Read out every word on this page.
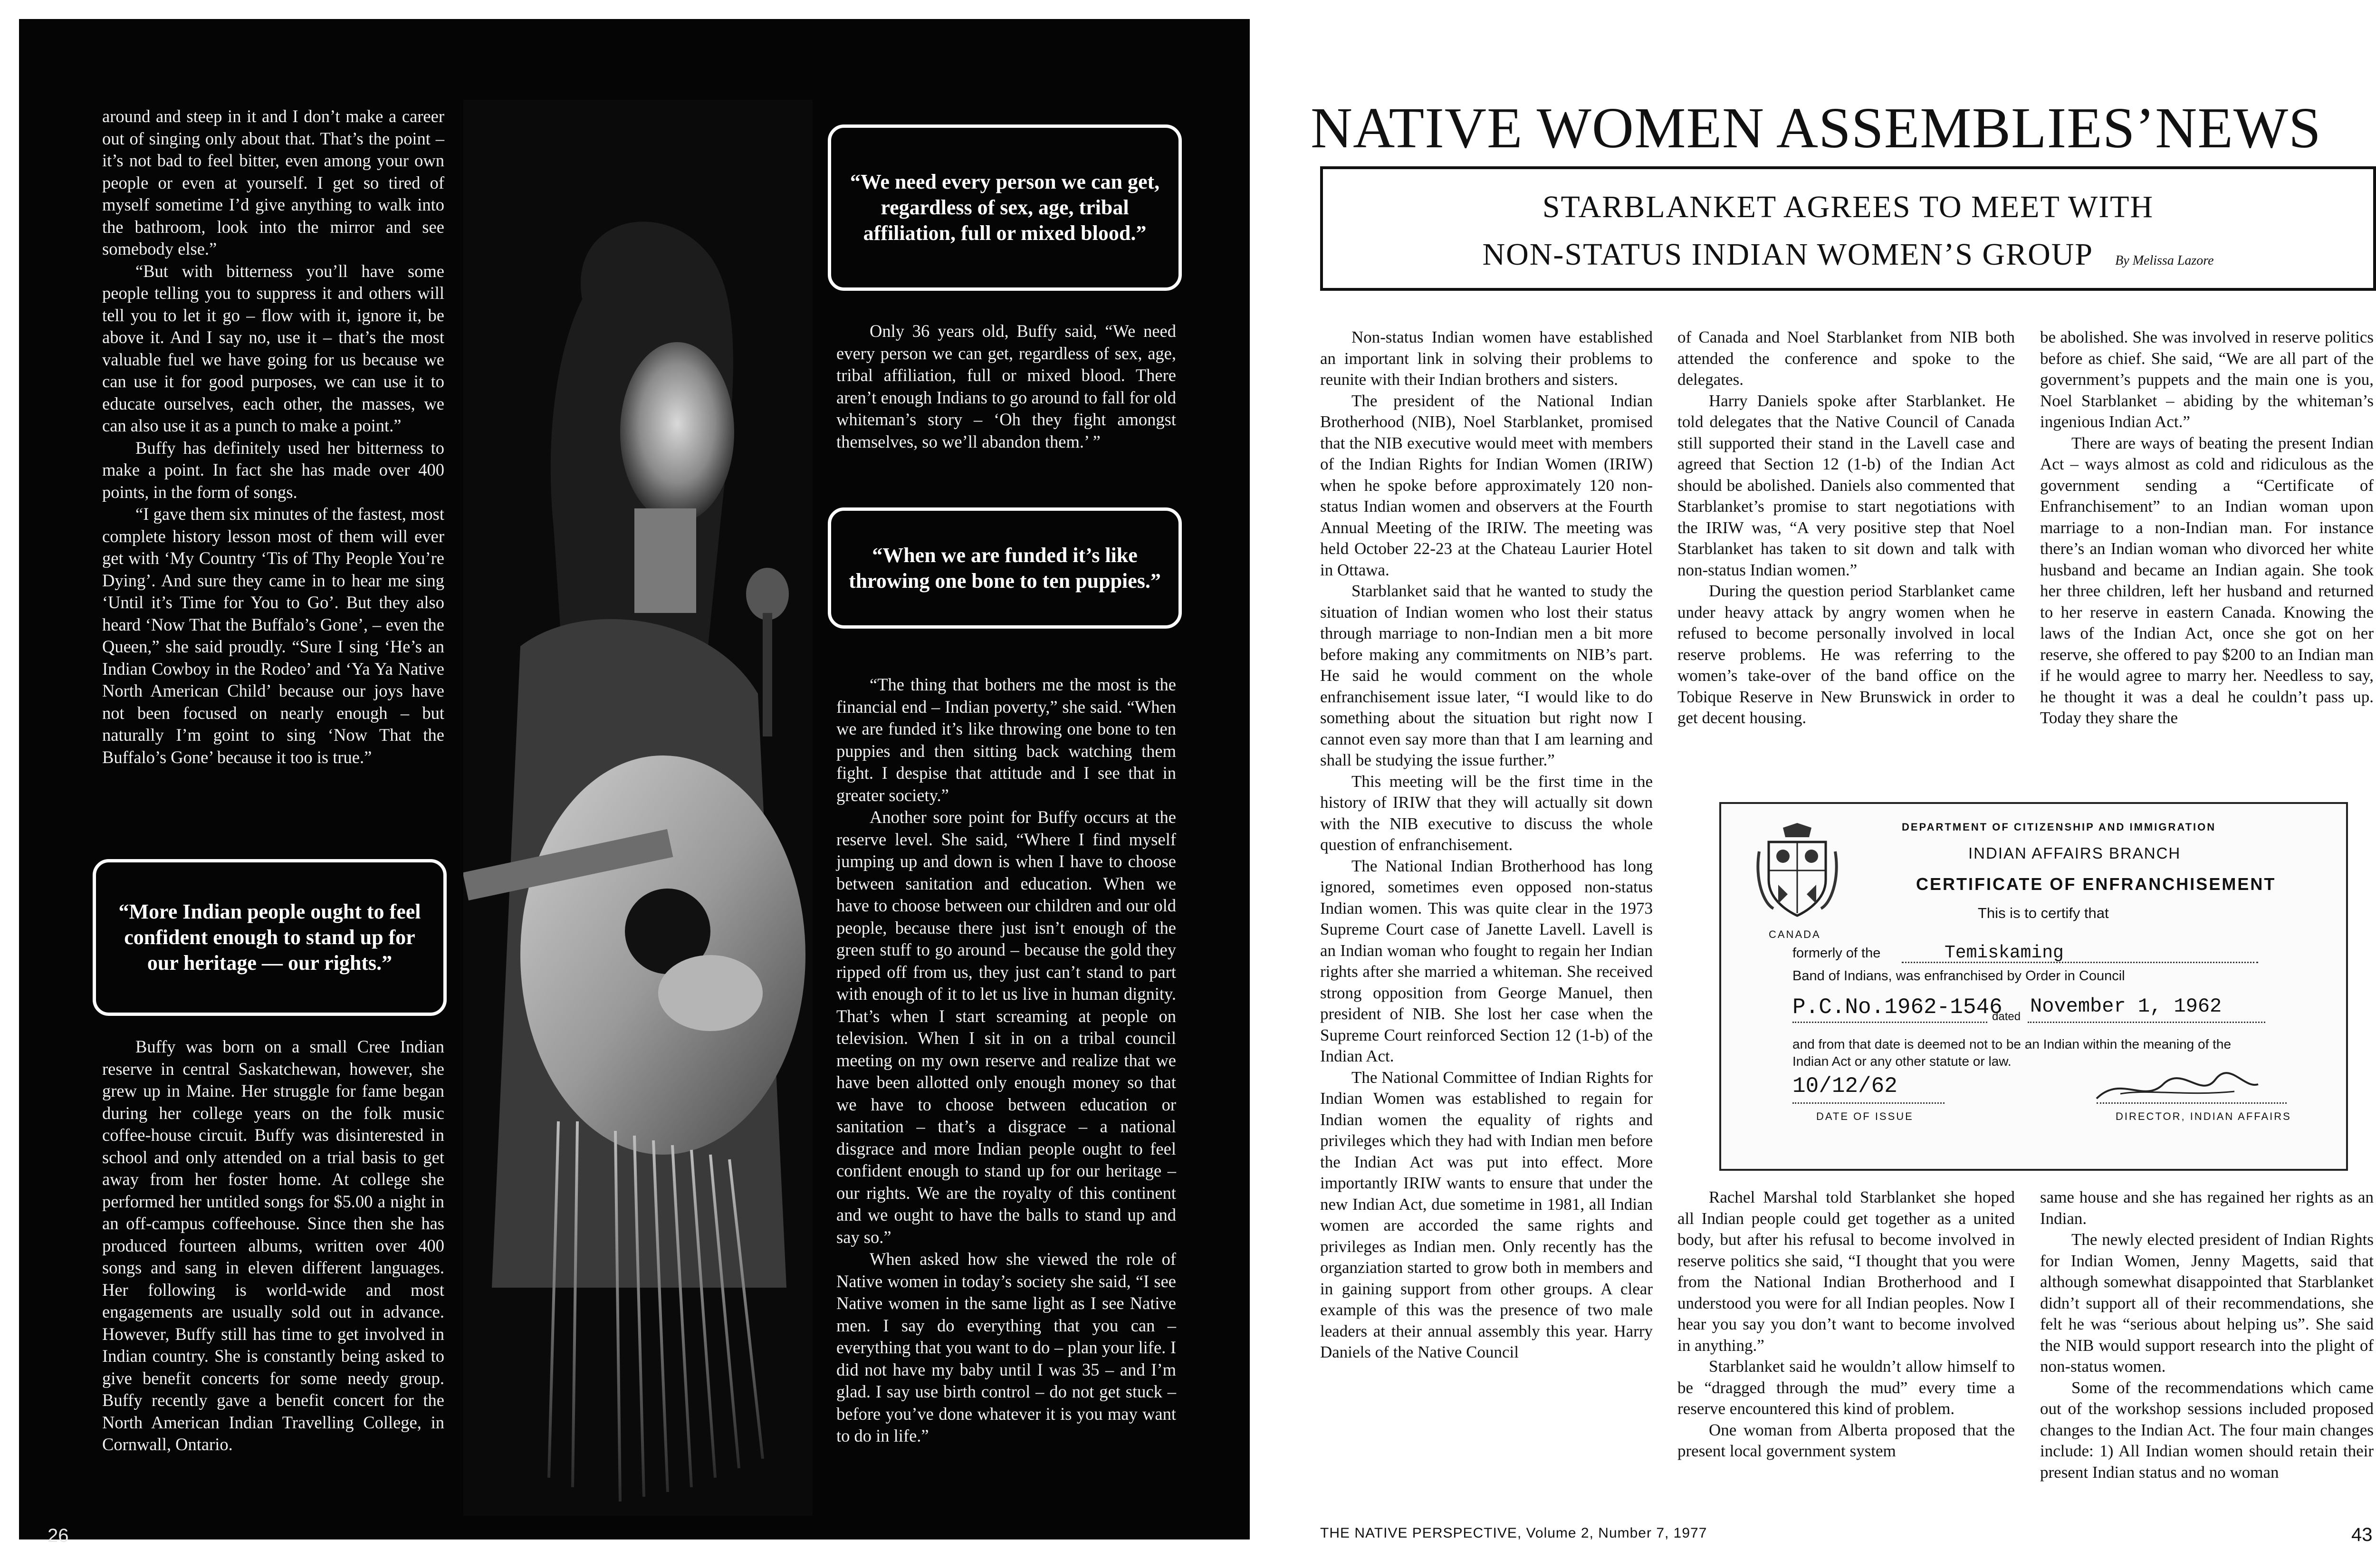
around and steep in it and I don’t make a career out of singing only about that. That’s the point – it’s not bad to feel bitter, even among your own people or even at yourself. I get so tired of myself sometime I’d give anything to walk into the bathroom, look into the mirror and see somebody else.”

“But with bitterness you’ll have some people telling you to suppress it and others will tell you to let it go – flow with it, ignore it, be above it. And I say no, use it – that’s the most valuable fuel we have going for us because we can use it for good purposes, we can use it to educate ourselves, each other, the masses, we can also use it as a punch to make a point.”

Buffy has definitely used her bitterness to make a point. In fact she has made over 400 points, in the form of songs.

“I gave them six minutes of the fastest, most complete history lesson most of them will ever get with ‘My Country ‘Tis of Thy People You’re Dying’. And sure they came in to hear me sing ‘Until it’s Time for You to Go’. But they also heard ‘Now That the Buffalo’s Gone’, – even the Queen,” she said proudly. “Sure I sing ‘He’s an Indian Cowboy in the Rodeo’ and ‘Ya Ya Native North American Child’ because our joys have not been focused on nearly enough – but naturally I’m goint to sing ‘Now That the Buffalo’s Gone’ because it too is true.”

“More Indian people ought to feel confident enough to stand up for our heritage — our rights.”

Buffy was born on a small Cree Indian reserve in central Saskatchewan, however, she grew up in Maine. Her struggle for fame began during her college years on the folk music coffee-house circuit. Buffy was disinterested in school and only attended on a trial basis to get away from her foster home. At college she performed her untitled songs for $5.00 a night in an off-campus coffeehouse. Since then she has produced fourteen albums, written over 400 songs and sang in eleven different languages. Her following is world-wide and most engagements are usually sold out in advance. However, Buffy still has time to get involved in Indian country. She is constantly being asked to give benefit concerts for some needy group. Buffy recently gave a benefit concert for the North American Indian Travelling College, in Cornwall, Ontario.

“We need every person we can get, regardless of sex, age, tribal affiliation, full or mixed blood.”

Only 36 years old, Buffy said, “We need every person we can get, regardless of sex, age, tribal affiliation, full or mixed blood. There aren’t enough Indians to go around to fall for old whiteman’s story – ‘Oh they fight amongst themselves, so we’ll abandon them.’ ”

“When we are funded it’s like throwing one bone to ten puppies.”

“The thing that bothers me the most is the financial end – Indian poverty,” she said. “When we are funded it’s like throwing one bone to ten puppies and then sitting back watching them fight. I despise that attitude and I see that in greater society.”

Another sore point for Buffy occurs at the reserve level. She said, “Where I find myself jumping up and down is when I have to choose between sanitation and education. When we have to choose between our children and our old people, because there just isn’t enough of the green stuff to go around – because the gold they ripped off from us, they just can’t stand to part with enough of it to let us live in human dignity. That’s when I start screaming at people on television. When I sit in on a tribal council meeting on my own reserve and realize that we have been allotted only enough money so that we have to choose between education or sanitation – that’s a disgrace – a national disgrace and more Indian people ought to feel confident enough to stand up for our heritage – our rights. We are the royalty of this continent and we ought to have the balls to stand up and say so.”

When asked how she viewed the role of Native women in today’s society she said, “I see Native women in the same light as I see Native men. I say do everything that you can – everything that you want to do – plan your life. I did not have my baby until I was 35 – and I’m glad. I say use birth control – do not get stuck – before you’ve done whatever it is you may want to do in life.”

26
NATIVE WOMEN ASSEMBLIES’NEWS
STARBLANKET AGREES TO MEET WITH
NON-STATUS INDIAN WOMEN’S GROUP By Melissa Lazore

Non-status Indian women have established an important link in solving their problems to reunite with their Indian brothers and sisters.

The president of the National Indian Brotherhood (NIB), Noel Starblanket, promised that the NIB executive would meet with members of the Indian Rights for Indian Women (IRIW) when he spoke before approximately 120 non-status Indian women and observers at the Fourth Annual Meeting of the IRIW. The meeting was held October 22-23 at the Chateau Laurier Hotel in Ottawa.

Starblanket said that he wanted to study the situation of Indian women who lost their status through marriage to non-Indian men a bit more before making any commitments on NIB’s part. He said he would comment on the whole enfranchisement issue later, “I would like to do something about the situation but right now I cannot even say more than that I am learning and shall be studying the issue further.”

This meeting will be the first time in the history of IRIW that they will actually sit down with the NIB executive to discuss the whole question of enfranchisement.

The National Indian Brotherhood has long ignored, sometimes even opposed non-status Indian women. This was quite clear in the 1973 Supreme Court case of Janette Lavell. Lavell is an Indian woman who fought to regain her Indian rights after she married a whiteman. She received strong opposition from George Manuel, then president of NIB. She lost her case when the Supreme Court reinforced Section 12 (1-b) of the Indian Act.

The National Committee of Indian Rights for Indian Women was established to regain for Indian women the equality of rights and privileges which they had with Indian men before the Indian Act was put into effect. More importantly IRIW wants to ensure that under the new Indian Act, due sometime in 1981, all Indian women are accorded the same rights and privileges as Indian men. Only recently has the organziation started to grow both in members and in gaining support from other groups. A clear example of this was the presence of two male leaders at their annual assembly this year. Harry Daniels of the Native Council

of Canada and Noel Starblanket from NIB both attended the conference and spoke to the delegates.

Harry Daniels spoke after Starblanket. He told delegates that the Native Council of Canada still supported their stand in the Lavell case and agreed that Section 12 (1-b) of the Indian Act should be abolished. Daniels also commented that Starblanket’s promise to start negotiations with the IRIW was, “A very positive step that Noel Starblanket has taken to sit down and talk with non-status Indian women.”

During the question period Starblanket came under heavy attack by angry women when he refused to become personally involved in local reserve problems. He was referring to the women’s take-over of the band office on the Tobique Reserve in New Brunswick in order to get decent housing.

be abolished. She was involved in reserve politics before as chief. She said, “We are all part of the government’s puppets and the main one is you, Noel Starblanket – abiding by the whiteman’s ingenious Indian Act.”

There are ways of beating the present Indian Act – ways almost as cold and ridiculous as the government sending a “Certificate of Enfranchisement” to an Indian woman upon marriage to a non-Indian man. For instance there’s an Indian woman who divorced her white husband and became an Indian again. She took her three children, left her husband and returned to her reserve in eastern Canada. Knowing the laws of the Indian Act, once she got on her reserve, she offered to pay $200 to an Indian man if he would agree to marry her. Needless to say, he thought it was a deal he couldn’t pass up. Today they share the

CANADA
DEPARTMENT OF CITIZENSHIP AND IMMIGRATION
INDIAN AFFAIRS BRANCH
CERTIFICATE OF ENFRANCHISEMENT
This is to certify that
formerly of the	Temiskaming
Band of Indians, was enfranchised by Order in Council
P.C.No.1962-1546
dated November 1, 1962
and from that date is deemed not to be an Indian within the meaning of the Indian Act or any other statute or law.
10/12/62
DATE OF ISSUE	DIRECTOR, INDIAN AFFAIRS

Rachel Marshal told Starblanket she hoped all Indian people could get together as a united body, but after his refusal to become involved in reserve politics she said, “I thought that you were from the National Indian Brotherhood and I understood you were for all Indian peoples. Now I hear you say you don’t want to become involved in anything.”

Starblanket said he wouldn’t allow himself to be “dragged through the mud” every time a reserve encountered this kind of problem.

One woman from Alberta proposed that the present local government system

same house and she has regained her rights as an Indian.

The newly elected president of Indian Rights for Indian Women, Jenny Magetts, said that although somewhat disappointed that Starblanket didn’t support all of their recommendations, she felt he was “serious about helping us”. She said the NIB would support research into the plight of non-status women.

Some of the recommendations which came out of the workshop sessions included proposed changes to the Indian Act. The four main changes include: 1) All Indian women should retain their present Indian status and no woman

THE NATIVE PERSPECTIVE, Volume 2, Number 7, 1977	43
